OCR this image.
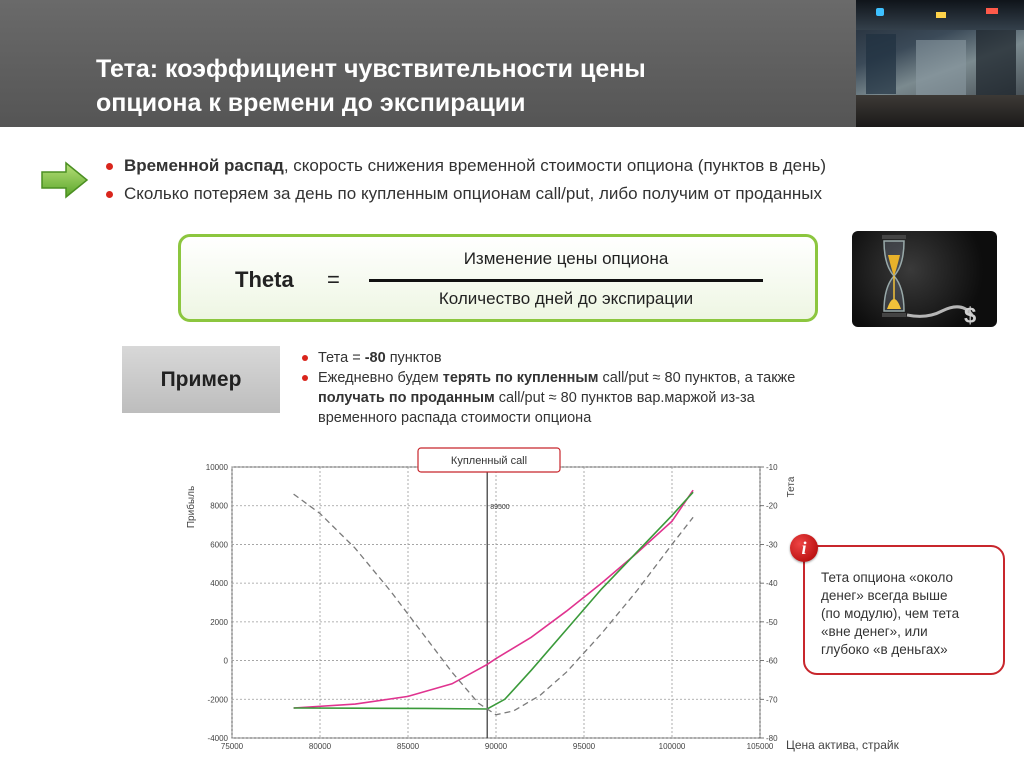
Тета: коэффициент чувствительности цены
опциона к времени до экспирации
Временной распад, скорость снижения временной стоимости опциона (пунктов в день)
Сколько потеряем за день по купленным опционам call/put, либо получим от проданных
Theta =
Изменение цены опциона
Количество дней до экспирации
$
Пример
Тета = -80 пунктов
Ежедневно будем терять по купленным call/put ≈ 80 пунктов, а также
получать по проданным call/put ≈ 80 пунктов вар.маржой из-за
временного распада стоимости опциона
75000	80000	85000	90000	95000	100000	105000
-4000
-2000
0
2000
4000
6000
8000
10000	-10
-20
-30
-40
-50
-60
-70
-80
89500
Прибыль	Тета
Купленный call
Цена актива, страйк
Тета опциона «около
денег» всегда выше
(по модулю), чем тета
«вне денег», или
глубоко «в деньгах»
i
